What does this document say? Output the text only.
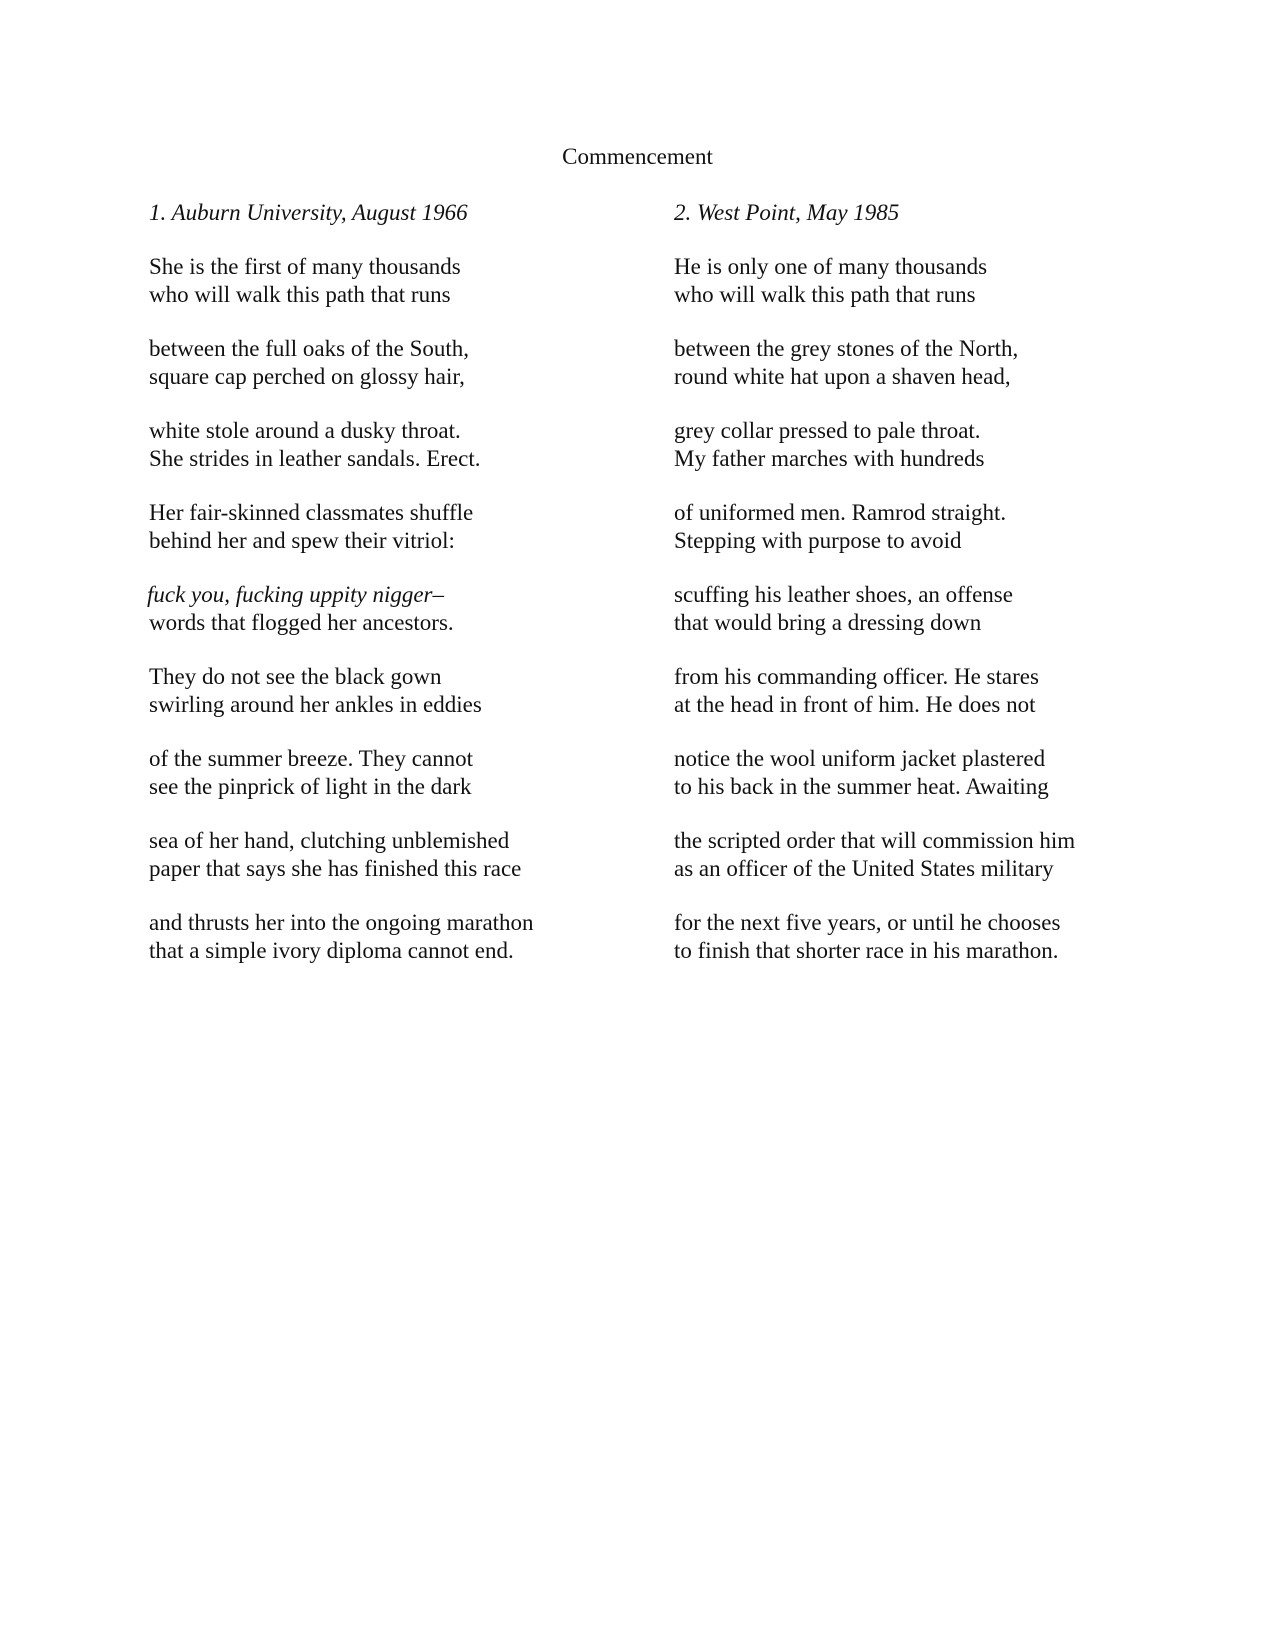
Commencement
1. Auburn University, August 1966
She is the first of many thousands
who will walk this path that runs
between the full oaks of the South,
square cap perched on glossy hair,
white stole around a dusky throat.
She strides in leather sandals. Erect.
Her fair-skinned classmates shuffle
behind her and spew their vitriol:
fuck you, fucking uppity nigger–
words that flogged her ancestors.
They do not see the black gown
swirling around her ankles in eddies
of the summer breeze. They cannot
see the pinprick of light in the dark
sea of her hand, clutching unblemished
paper that says she has finished this race
and thrusts her into the ongoing marathon
that a simple ivory diploma cannot end.
2. West Point, May 1985
He is only one of many thousands
who will walk this path that runs
between the grey stones of the North,
round white hat upon a shaven head,
grey collar pressed to pale throat.
My father marches with hundreds
of uniformed men. Ramrod straight.
Stepping with purpose to avoid
scuffing his leather shoes, an offense
that would bring a dressing down
from his commanding officer. He stares
at the head in front of him. He does not
notice the wool uniform jacket plastered
to his back in the summer heat. Awaiting
the scripted order that will commission him
as an officer of the United States military
for the next five years, or until he chooses
to finish that shorter race in his marathon.
